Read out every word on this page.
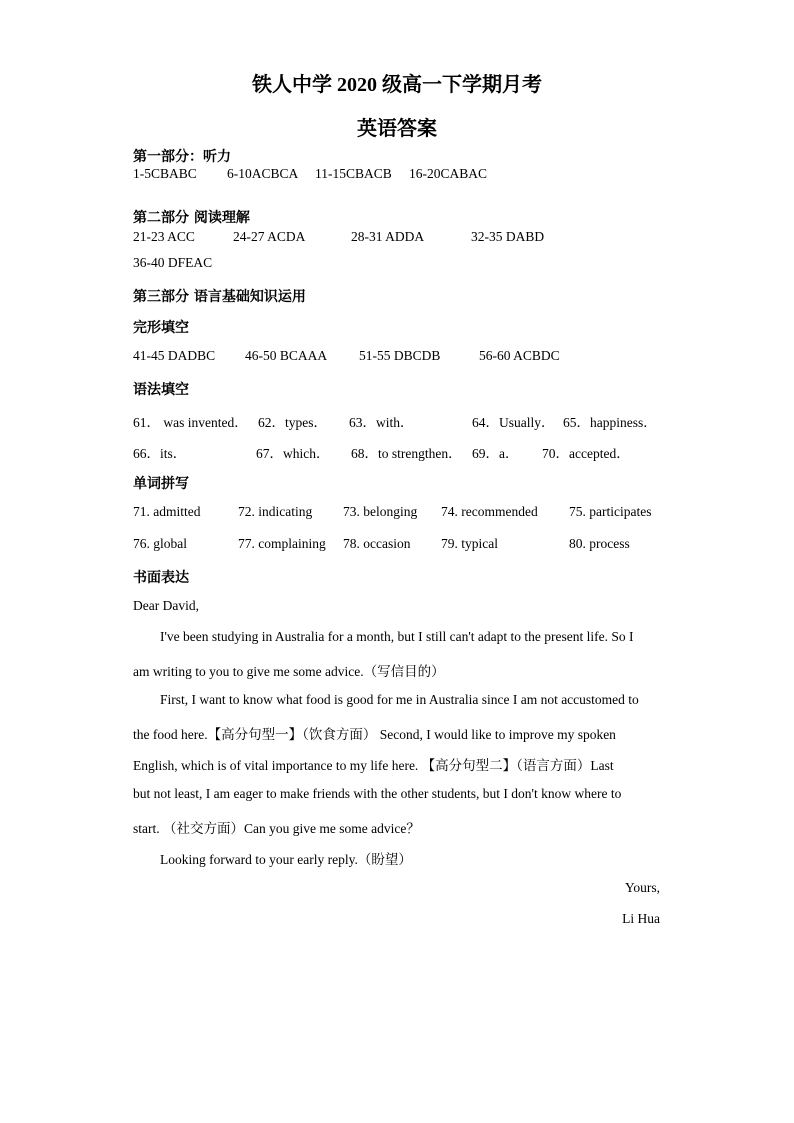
铁人中学 2020 级高一下学期月考
英语答案
第一部分：听力
1-5CBABC 6-10ACBCA 11-15CBACB 16-20CABAC
第二部分 阅读理解
21-23 ACC	24-27 ACDA	28-31 ADDA	32-35 DABD
36-40 DFEAC
第三部分 语言基础知识运用
完形填空
41-45 DADBC 46-50 BCAAA 51-55 DBCDB	56-60 ACBDC
语法填空
61． was invented． 62．types． 63．with．	64．Usually． 65．happiness．
66．its．	67．which． 68．to strengthen． 69．a． 70．accepted．
单词拼写
71. admitted	72. indicating 73. belonging 74. recommended 75. participates
76. global	77. complaining 78. occasion 79. typical	80. process
书面表达
Dear David,
I've been studying in Australia for a month, but I still can't adapt to the present life. So I
am writing to you to give me some advice.（写信目的）
First, I want to know what food is good for me in Australia since I am not accustomed to
the food here.【高分句型一】（饮食方面） Second, I would like to improve my spoken
English, which is of vital importance to my life here. 【高分句型二】（语言方面）Last
but not least, I am eager to make friends with the other students, but I don't know where to
start. （社交方面）Can you give me some advice？
Looking forward to your early reply.（盼望）
Yours,
Li Hua
